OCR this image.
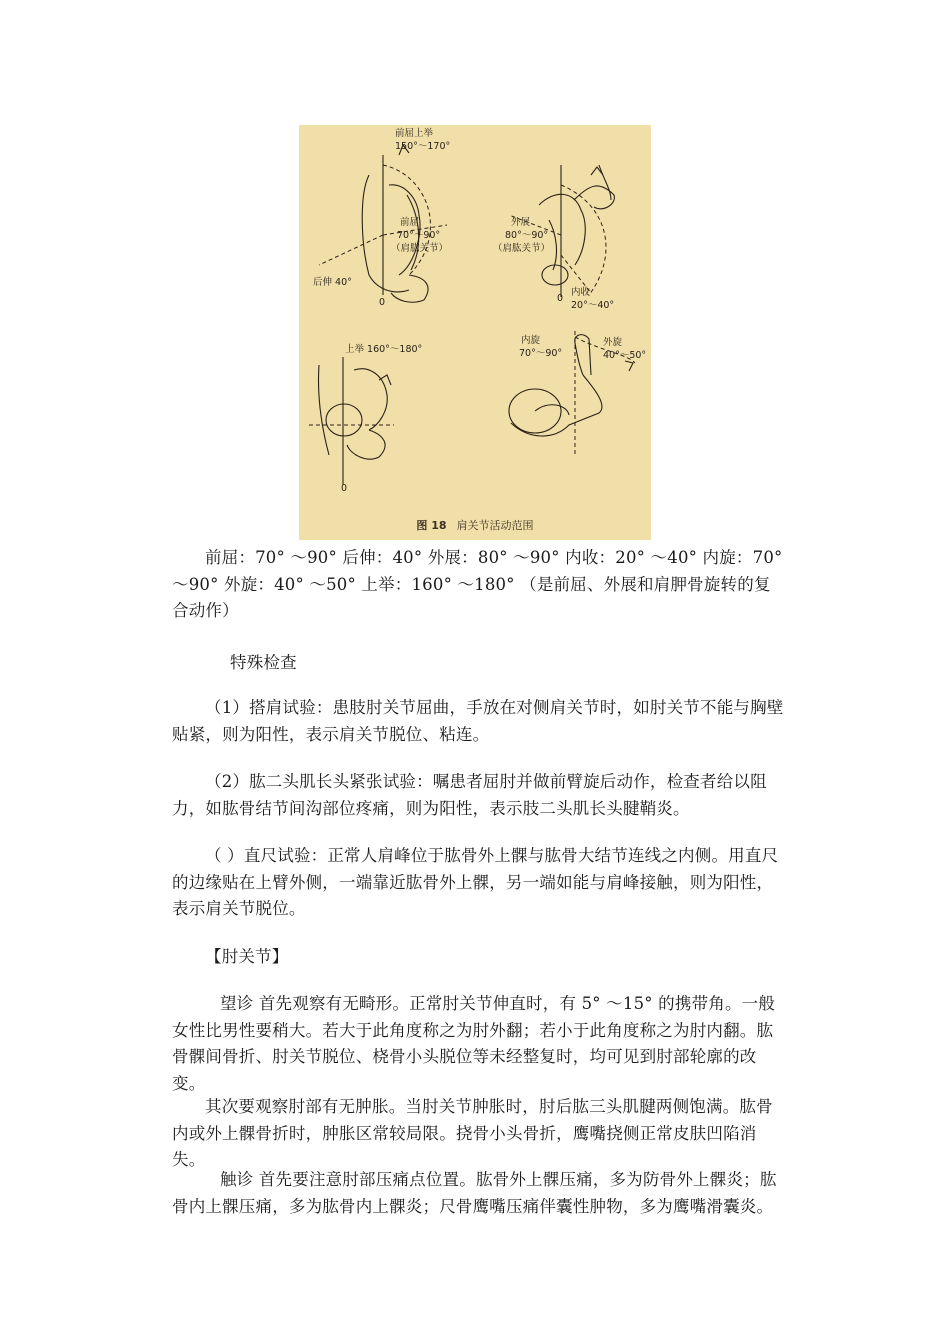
前屈上举
150°～170°
前屈
70°～90°
（肩肱关节）
后伸 40°
0
外展
80°～90°
（肩肱关节）
内收
20°～40°
0
上举 160°～180°
0
内旋
70°～90°
外旋
40°～50°
图 18 肩关节活动范围

前屈：70° ～90° 后伸：40° 外展：80° ～90° 内收：20° ～40° 内旋：70° ～90° 外旋：40° ～50° 上举：160° ～180° （是前屈、外展和肩胛骨旋转的复合动作）

特殊检查

（1）搭肩试验：患肢肘关节屈曲，手放在对侧肩关节时，如肘关节不能与胸壁贴紧，则为阳性，表示肩关节脱位、粘连。

（2）肱二头肌长头紧张试验：嘱患者屈肘并做前臂旋后动作，检查者给以阻力，如肱骨结节间沟部位疼痛，则为阳性，表示肢二头肌长头腱鞘炎。

（ ）直尺试验：正常人肩峰位于肱骨外上髁与肱骨大结节连线之内侧。用直尺的边缘贴在上臂外侧，一端靠近肱骨外上髁，另一端如能与肩峰接触，则为阳性，表示肩关节脱位。

【肘关节】

望诊 首先观察有无畸形。正常肘关节伸直时，有 5° ～15° 的携带角。一般女性比男性要稍大。若大于此角度称之为肘外翻；若小于此角度称之为肘内翻。肱骨髁间骨折、肘关节脱位、桡骨小头脱位等未经整复时，均可见到肘部轮廓的改变。

其次要观察肘部有无肿胀。当肘关节肿胀时，肘后肱三头肌腱两侧饱满。肱骨内或外上髁骨折时，肿胀区常较局限。挠骨小头骨折，鹰嘴挠侧正常皮肤凹陷消失。

触诊 首先要注意肘部压痛点位置。肱骨外上髁压痛，多为防骨外上髁炎；肱骨内上髁压痛，多为肱骨内上髁炎；尺骨鹰嘴压痛伴囊性肿物，多为鹰嘴滑囊炎。
